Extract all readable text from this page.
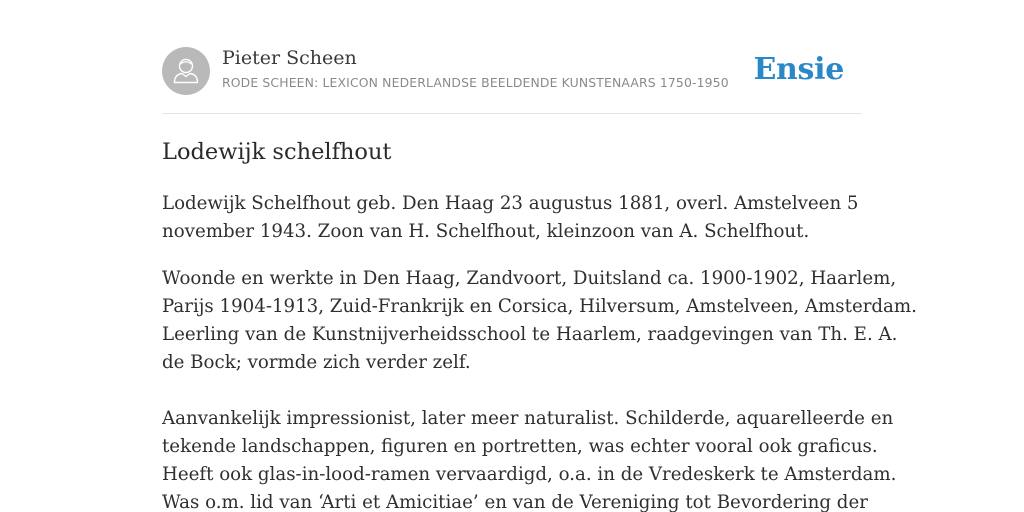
Pieter Scheen
RODE SCHEEN: LEXICON NEDERLANDSE BEELDENDE KUNSTENAARS 1750-1950 Ensie
Lodewijk schelfhout

Lodewijk Schelfhout geb. Den Haag 23 augustus 1881, overl. Amstelveen 5

november 1943. Zoon van H. Schelfhout, kleinzoon van A. Schelfhout.

Woonde en werkte in Den Haag, Zandvoort, Duitsland ca. 1900-1902, Haarlem,

Parijs 1904-1913, Zuid-Frankrijk en Corsica, Hilversum, Amstelveen, Amsterdam.

Leerling van de Kunstnijverheidsschool te Haarlem, raadgevingen van Th. E. A.

de Bock; vormde zich verder zelf.

Aanvankelijk impressionist, later meer naturalist. Schilderde, aquarelleerde en

tekende landschappen, figuren en portretten, was echter vooral ook graficus.

Heeft ook glas-in-lood-ramen vervaardigd, o.a. in de Vredeskerk te Amsterdam.

Was o.m. lid van ‘Arti et Amicitiae’ en van de Vereniging tot Bevordering der
